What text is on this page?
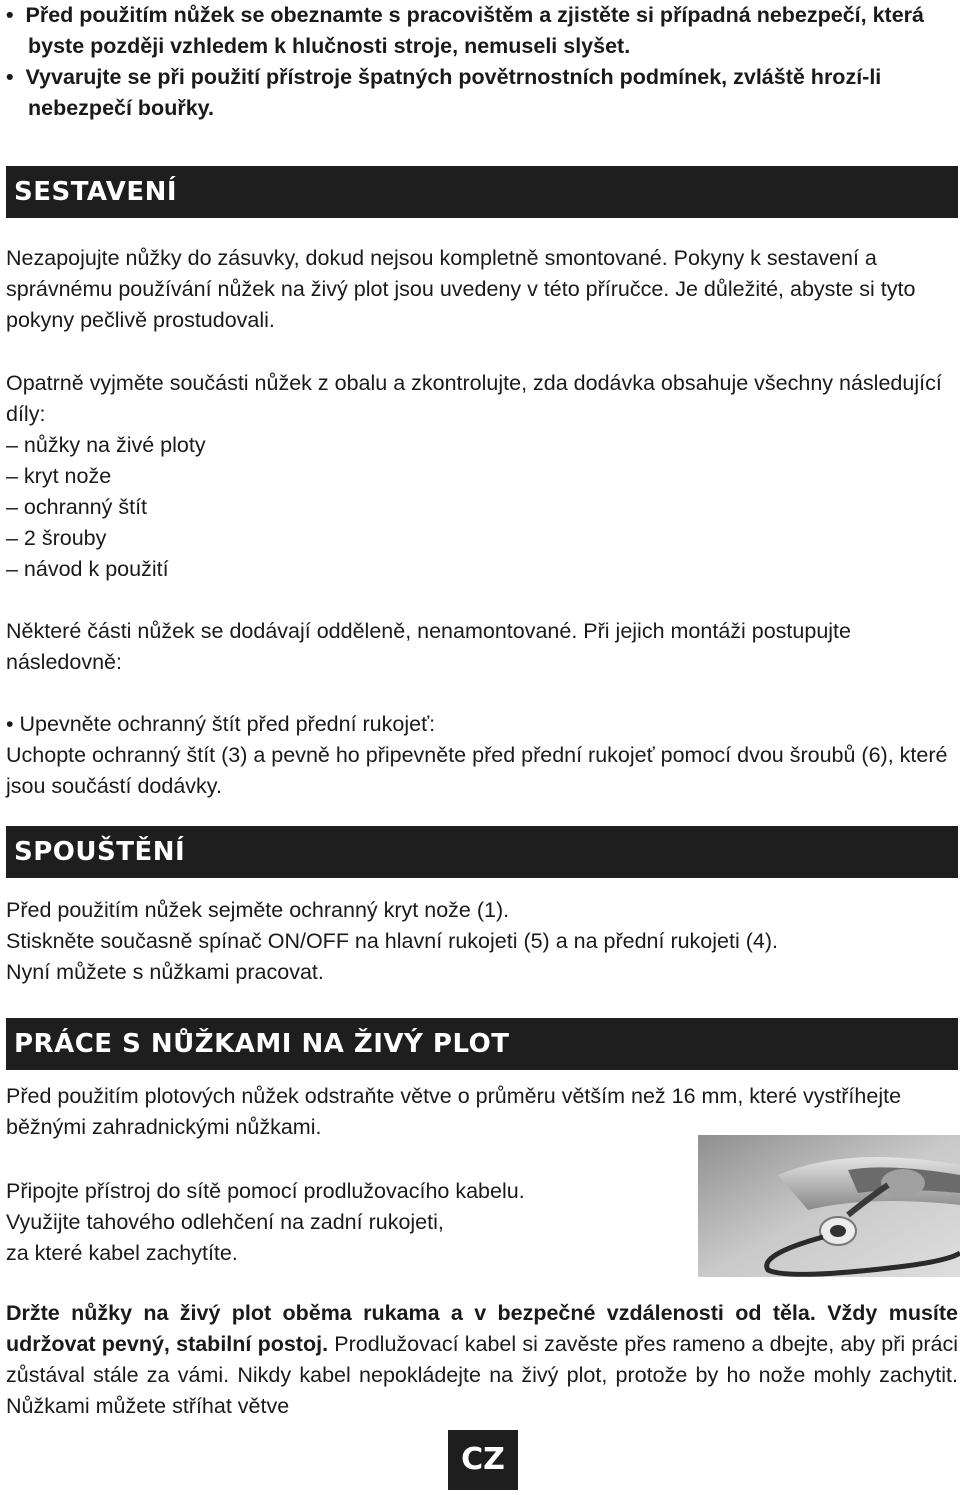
•  Před použitím nůžek se obeznamte s pracovištěm a zjistěte si případná nebezpečí, která byste později vzhledem k hlučnosti stroje, nemuseli slyšet.
•  Vyvarujte se při použití přístroje špatných povětrnostních podmínek, zvláště hrozí-li nebezpečí bouřky.
SESTAVENÍ

Nezapojujte nůžky do zásuvky, dokud nejsou kompletně smontované. Pokyny k sestavení a správnému používání nůžek na živý plot jsou uvedeny v této příručce. Je důležité, abyste si tyto pokyny pečlivě prostudovali.

Opatrně vyjměte součásti nůžek z obalu a zkontrolujte, zda dodávka obsahuje všechny následující díly:

– nůžky na živé ploty

– kryt nože

– ochranný štít

– 2 šrouby

– návod k použití

Některé části nůžek se dodávají odděleně, nenamontované. Při jejich montáži postupujte následovně:

• Upevněte ochranný štít před přední rukojeť:

Uchopte ochranný štít (3) a pevně ho připevněte před přední rukojeť pomocí dvou šroubů (6), které jsou součástí dodávky.

SPOUŠTĚNÍ

Před použitím nůžek sejměte ochranný kryt nože (1).

Stiskněte současně spínač ON/OFF na hlavní rukojeti (5) a na přední rukojeti (4).

Nyní můžete s nůžkami pracovat.

PRÁCE S NŮŽKAMI NA ŽIVÝ PLOT

Před použitím plotových nůžek odstraňte větve o průměru větším než 16 mm, které vystříhejte běžnými zahradnickými nůžkami.

Připojte přístroj do sítě pomocí prodlužovacího kabelu.

Využijte tahového odlehčení na zadní rukojeti,

za které kabel zachytíte.

Držte nůžky na živý plot oběma rukama a v bezpečné vzdálenosti od těla. Vždy musíte udržovat pevný, stabilní postoj. Prodlužovací kabel si zavěste přes rameno a dbejte, aby při práci zůstával stále za vámi. Nikdy kabel nepokládejte na živý plot, protože by ho nože mohly zachytit. Nůžkami můžete stříhat větve

CZ
